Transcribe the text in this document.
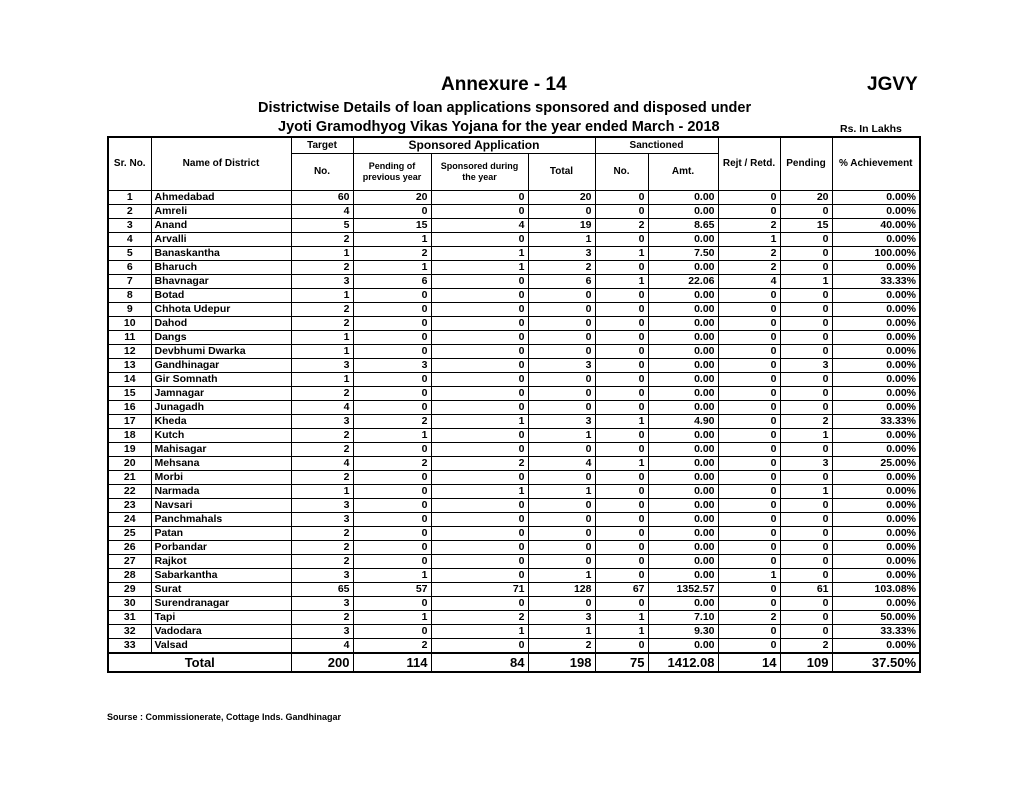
Annexure - 14	JGVY
Districtwise Details of loan applications sponsored and disposed under
Jyoti Gramodhyog Vikas Yojana for the year ended March - 2018	Rs. In Lakhs
Sr. No.	Name of District	Target	Sponsored Application			Sanctioned		Rejt / Retd.	Pending	% Achievement
		No.	Pending of previous year	Sponsored during the year	Total	No.	Amt.			
1	Ahmedabad	60	20	0	20	0	0.00	0	20	0.00%
2	Amreli	4	0	0	0	0	0.00	0	0	0.00%
3	Anand	5	15	4	19	2	8.65	2	15	40.00%
4	Arvalli	2	1	0	1	0	0.00	1	0	0.00%
5	Banaskantha	1	2	1	3	1	7.50	2	0	100.00%
6	Bharuch	2	1	1	2	0	0.00	2	0	0.00%
7	Bhavnagar	3	6	0	6	1	22.06	4	1	33.33%
8	Botad	1	0	0	0	0	0.00	0	0	0.00%
9	Chhota Udepur	2	0	0	0	0	0.00	0	0	0.00%
10	Dahod	2	0	0	0	0	0.00	0	0	0.00%
11	Dangs	1	0	0	0	0	0.00	0	0	0.00%
12	Devbhumi Dwarka	1	0	0	0	0	0.00	0	0	0.00%
13	Gandhinagar	3	3	0	3	0	0.00	0	3	0.00%
14	Gir Somnath	1	0	0	0	0	0.00	0	0	0.00%
15	Jamnagar	2	0	0	0	0	0.00	0	0	0.00%
16	Junagadh	4	0	0	0	0	0.00	0	0	0.00%
17	Kheda	3	2	1	3	1	4.90	0	2	33.33%
18	Kutch	2	1	0	1	0	0.00	0	1	0.00%
19	Mahisagar	2	0	0	0	0	0.00	0	0	0.00%
20	Mehsana	4	2	2	4	1	0.00	0	3	25.00%
21	Morbi	2	0	0	0	0	0.00	0	0	0.00%
22	Narmada	1	0	1	1	0	0.00	0	1	0.00%
23	Navsari	3	0	0	0	0	0.00	0	0	0.00%
24	Panchmahals	3	0	0	0	0	0.00	0	0	0.00%
25	Patan	2	0	0	0	0	0.00	0	0	0.00%
26	Porbandar	2	0	0	0	0	0.00	0	0	0.00%
27	Rajkot	2	0	0	0	0	0.00	0	0	0.00%
28	Sabarkantha	3	1	0	1	0	0.00	1	0	0.00%
29	Surat	65	57	71	128	67	1352.57	0	61	103.08%
30	Surendranagar	3	0	0	0	0	0.00	0	0	0.00%
31	Tapi	2	1	2	3	1	7.10	2	0	50.00%
32	Vadodara	3	0	1	1	1	9.30	0	0	33.33%
33	Valsad	4	2	0	2	0	0.00	0	2	0.00%
Total		200	114	84	198	75	1412.08	14	109	37.50%
Sourse : Commissionerate, Cottage Inds. Gandhinagar
